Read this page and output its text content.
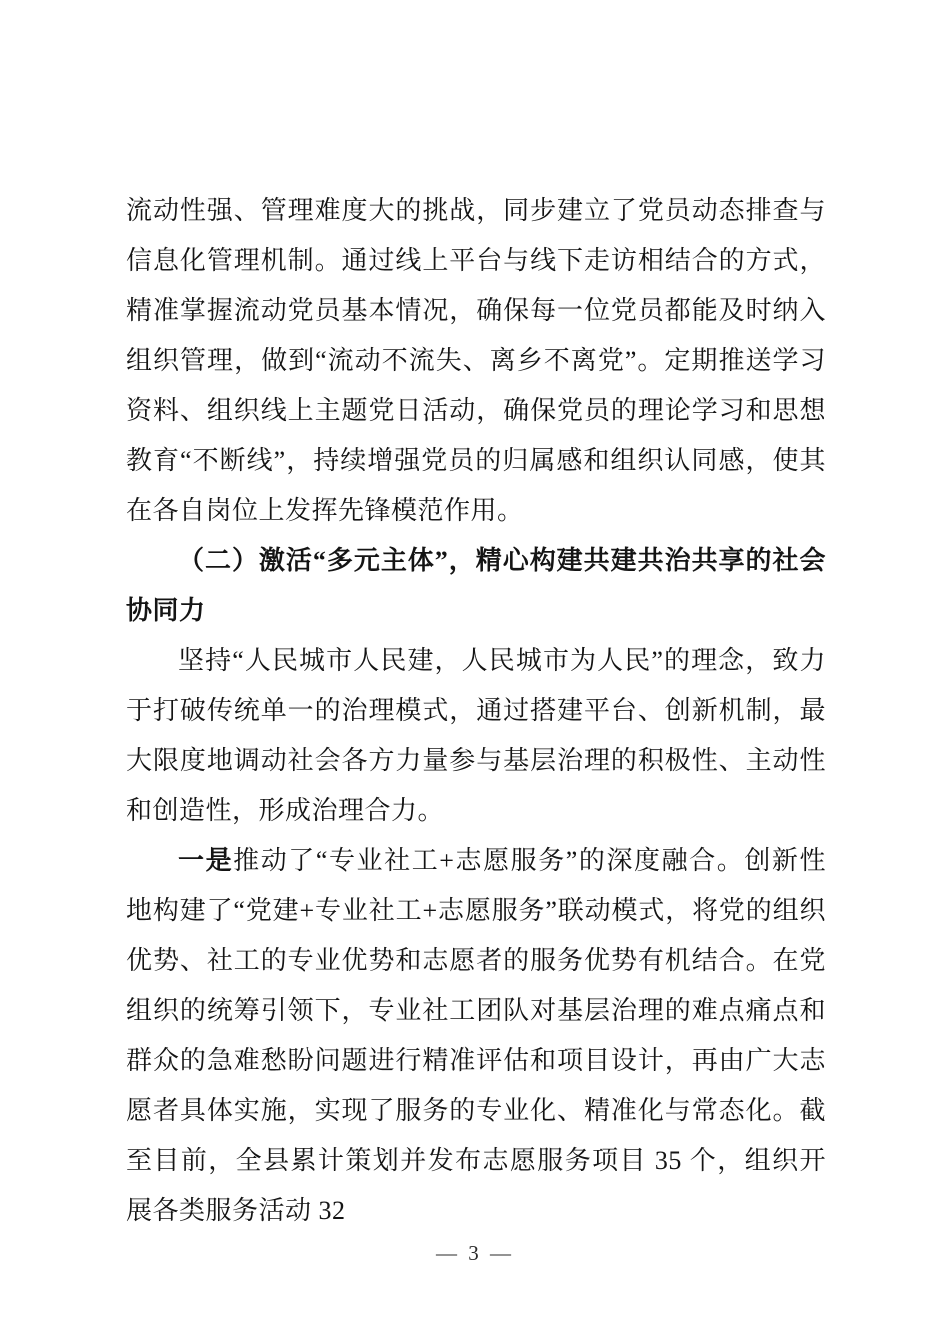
流动性强、管理难度大的挑战，同步建立了党员动态排查与信息化管理机制。通过线上平台与线下走访相结合的方式，精准掌握流动党员基本情况，确保每一位党员都能及时纳入组织管理，做到“流动不流失、离乡不离党”。定期推送学习资料、组织线上主题党日活动，确保党员的理论学习和思想教育“不断线”，持续增强党员的归属感和组织认同感，使其在各自岗位上发挥先锋模范作用。

（二）激活“多元主体”，精心构建共建共治共享的社会协同力

坚持“人民城市人民建，人民城市为人民”的理念，致力于打破传统单一的治理模式，通过搭建平台、创新机制，最大限度地调动社会各方力量参与基层治理的积极性、主动性和创造性，形成治理合力。

一是推动了“专业社工+志愿服务”的深度融合。创新性地构建了“党建+专业社工+志愿服务”联动模式，将党的组织优势、社工的专业优势和志愿者的服务优势有机结合。在党组织的统筹引领下，专业社工团队对基层治理的难点痛点和群众的急难愁盼问题进行精准评估和项目设计，再由广大志愿者具体实施，实现了服务的专业化、精准化与常态化。截至目前，全县累计策划并发布志愿服务项目 35 个，组织开展各类服务活动 32

— 3 —
